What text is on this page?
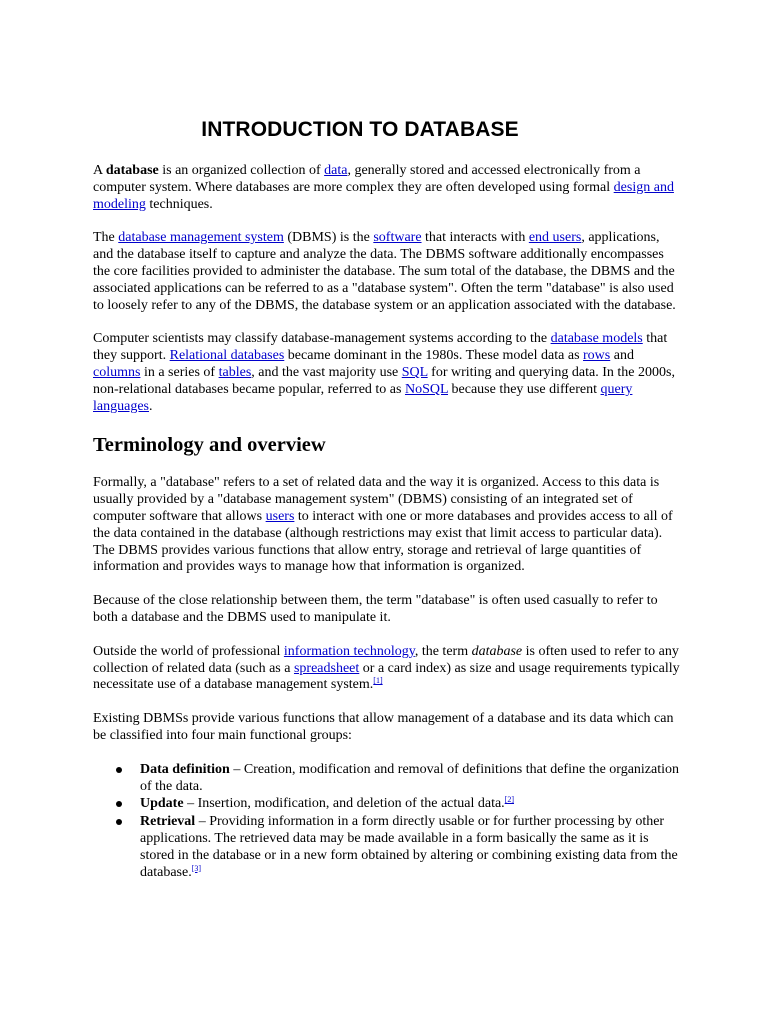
INTRODUCTION TO DATABASE

A database is an organized collection of data, generally stored and accessed electronically from a computer system. Where databases are more complex they are often developed using formal design and modeling techniques.

The database management system (DBMS) is the software that interacts with end users, applications, and the database itself to capture and analyze the data. The DBMS software additionally encompasses the core facilities provided to administer the database. The sum total of the database, the DBMS and the associated applications can be referred to as a "database system". Often the term "database" is also used to loosely refer to any of the DBMS, the database system or an application associated with the database.

Computer scientists may classify database-management systems according to the database models that they support. Relational databases became dominant in the 1980s. These model data as rows and columns in a series of tables, and the vast majority use SQL for writing and querying data. In the 2000s, non-relational databases became popular, referred to as NoSQL because they use different query languages.

Terminology and overview

Formally, a "database" refers to a set of related data and the way it is organized. Access to this data is usually provided by a "database management system" (DBMS) consisting of an integrated set of computer software that allows users to interact with one or more databases and provides access to all of the data contained in the database (although restrictions may exist that limit access to particular data). The DBMS provides various functions that allow entry, storage and retrieval of large quantities of information and provides ways to manage how that information is organized.

Because of the close relationship between them, the term "database" is often used casually to refer to both a database and the DBMS used to manipulate it.

Outside the world of professional information technology, the term database is often used to refer to any collection of related data (such as a spreadsheet or a card index) as size and usage requirements typically necessitate use of a database management system.[1]

Existing DBMSs provide various functions that allow management of a database and its data which can be classified into four main functional groups:

Data definition – Creation, modification and removal of definitions that define the organization of the data.
Update – Insertion, modification, and deletion of the actual data.[2]
Retrieval – Providing information in a form directly usable or for further processing by other applications. The retrieved data may be made available in a form basically the same as it is stored in the database or in a new form obtained by altering or combining existing data from the database.[3]
